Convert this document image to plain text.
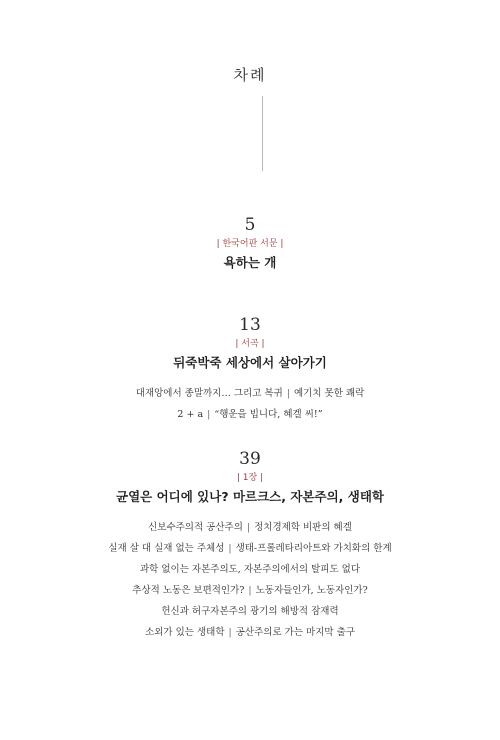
차례
5
| 한국어판 서문 |
욕하는 개
13
| 서곡 |
뒤죽박죽 세상에서 살아가기
대재앙에서 종말까지… 그리고 복귀 | 예기치 못한 쾌락
2 + a | “행운을 빕니다, 혜겔 씨!”
39
| 1장 |
균열은 어디에 있나? 마르크스, 자본주의, 생태학
신보수주의적 공산주의 | 정치경제학 비판의 혜겔
실재 살 대 실재 없는 주체성 | 생태-프롤레타리아트와 가치화의 한계
과학 없이는 자본주의도, 자본주의에서의 탈피도 없다
추상적 노동은 보편적인가? | 노동자들인가, 노동자인가?
헌신과 허구자본주의 광기의 해방적 잠재력
소외가 있는 생태학 | 공산주의로 가는 마지막 출구
